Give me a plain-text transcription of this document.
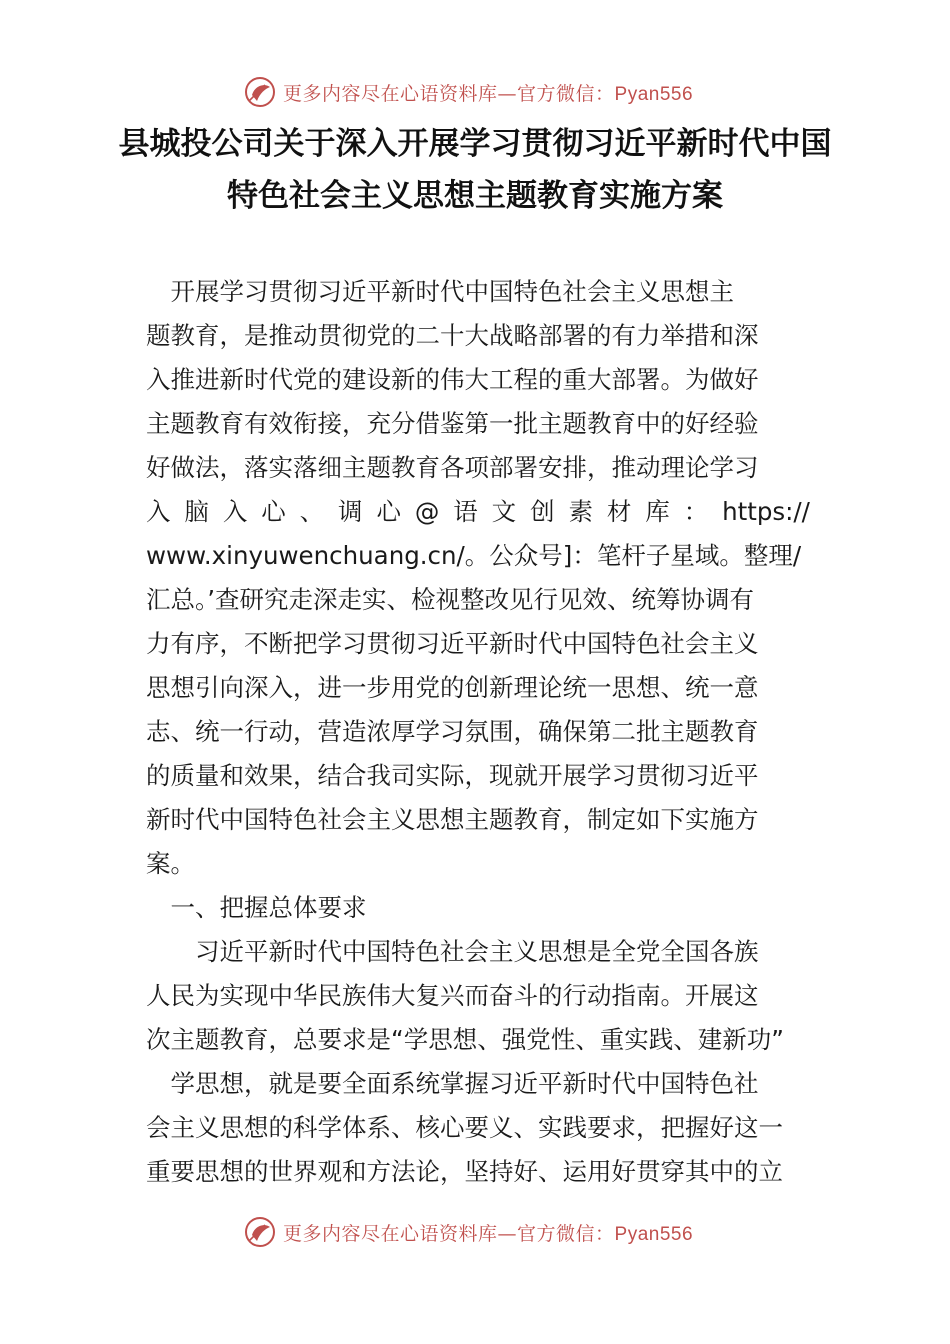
更多内容尽在心语资料库—官方微信：Pyan556
县城投公司关于深入开展学习贯彻习近平新时代中国
特色社会主义思想主题教育实施方案
　开展学习贯彻习近平新时代中国特色社会主义思想主
题教育，是推动贯彻党的二十大战略部署的有力举措和深
入推进新时代党的建设新的伟大工程的重大部署。为做好
主题教育有效衔接，充分借鉴第一批主题教育中的好经验
好做法，落实落细主题教育各项部署安排，推动理论学习
入 脑 入 心 、 调 心 @ 语 文 创 素 材 库 ： https://
www.xinyuwenchuang.cn/。公众号]：笔杆子星域。整理/
汇总。’查研究走深走实、检视整改见行见效、统筹协调有
力有序，不断把学习贯彻习近平新时代中国特色社会主义
思想引向深入，进一步用党的创新理论统一思想、统一意
志、统一行动，营造浓厚学习氛围，确保第二批主题教育
的质量和效果，结合我司实际，现就开展学习贯彻习近平
新时代中国特色社会主义思想主题教育，制定如下实施方
案。
　一、把握总体要求
　　习近平新时代中国特色社会主义思想是全党全国各族
人民为实现中华民族伟大复兴而奋斗的行动指南。开展这
次主题教育，总要求是“学思想、强党性、重实践、建新功”
　学思想，就是要全面系统掌握习近平新时代中国特色社
会主义思想的科学体系、核心要义、实践要求，把握好这一
重要思想的世界观和方法论，坚持好、运用好贯穿其中的立
更多内容尽在心语资料库—官方微信：Pyan556
